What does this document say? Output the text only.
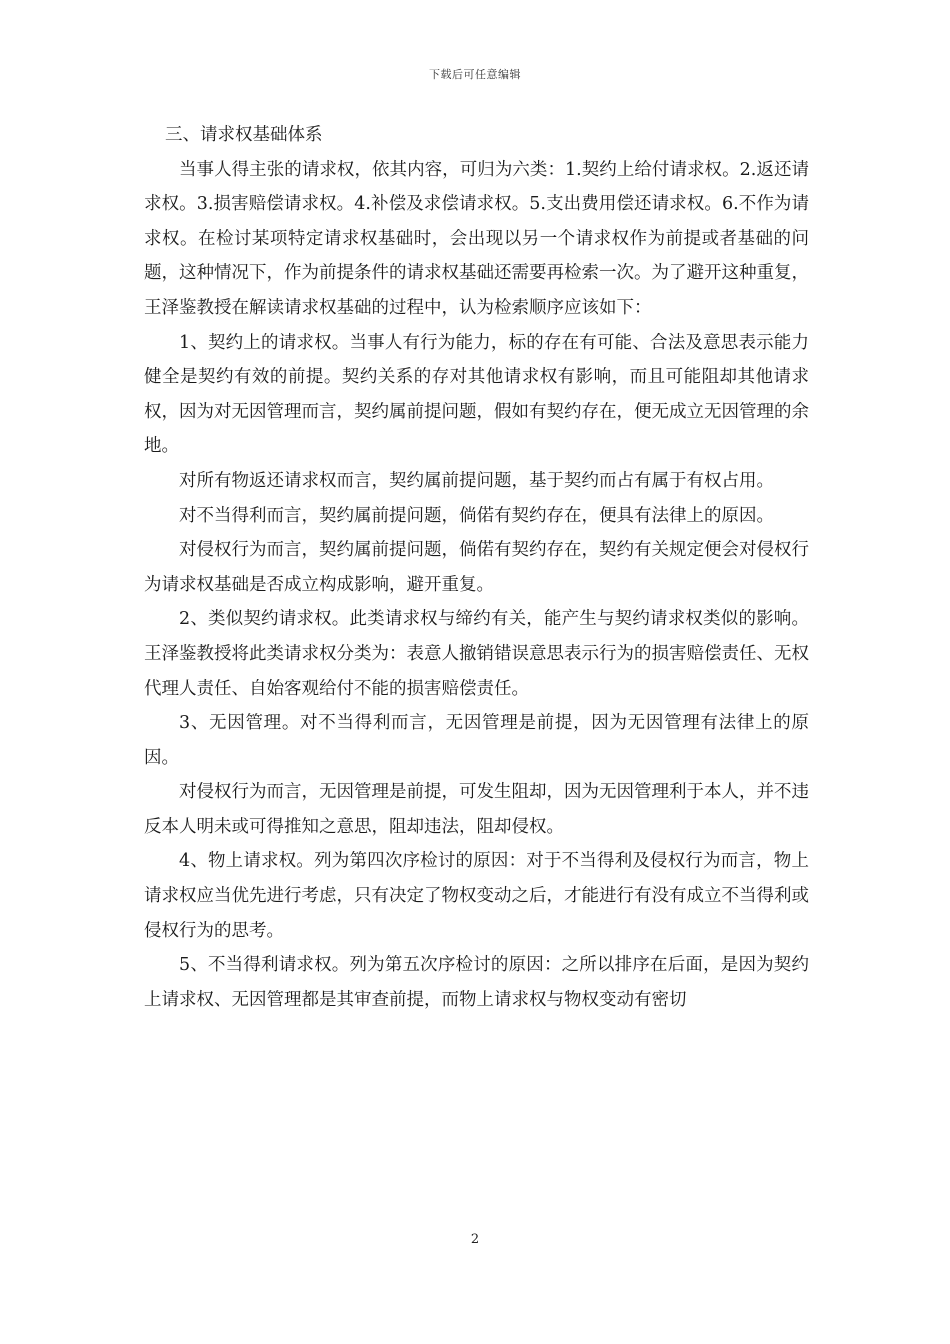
下载后可任意编辑

三、请求权基础体系

当事人得主张的请求权，依其内容，可归为六类：1.契约上给付请求权。2.返还请求权。3.损害赔偿请求权。4.补偿及求偿请求权。5.支出费用偿还请求权。6.不作为请求权。在检讨某项特定请求权基础时，会出现以另一个请求权作为前提或者基础的问题，这种情况下，作为前提条件的请求权基础还需要再检索一次。为了避开这种重复，王泽鉴教授在解读请求权基础的过程中，认为检索顺序应该如下：

1、契约上的请求权。当事人有行为能力，标的存在有可能、合法及意思表示能力健全是契约有效的前提。契约关系的存对其他请求权有影响，而且可能阻却其他请求权，因为对无因管理而言，契约属前提问题，假如有契约存在，便无成立无因管理的余地。

对所有物返还请求权而言，契约属前提问题，基于契约而占有属于有权占用。

对不当得利而言，契约属前提问题，倘偌有契约存在，便具有法律上的原因。

对侵权行为而言，契约属前提问题，倘偌有契约存在，契约有关规定便会对侵权行为请求权基础是否成立构成影响，避开重复。

2、类似契约请求权。此类请求权与缔约有关，能产生与契约请求权类似的影响。王泽鉴教授将此类请求权分类为：表意人撤销错误意思表示行为的损害赔偿责任、无权代理人责任、自始客观给付不能的损害赔偿责任。

3、无因管理。对不当得利而言，无因管理是前提，因为无因管理有法律上的原因。

对侵权行为而言，无因管理是前提，可发生阻却，因为无因管理利于本人，并不违反本人明未或可得推知之意思，阻却违法，阻却侵权。

4、物上请求权。列为第四次序检讨的原因：对于不当得利及侵权行为而言，物上请求权应当优先进行考虑，只有决定了物权变动之后，才能进行有没有成立不当得利或侵权行为的思考。

5、不当得利请求权。列为第五次序检讨的原因：之所以排序在后面，是因为契约上请求权、无因管理都是其审查前提，而物上请求权与物权变动有密切

2
